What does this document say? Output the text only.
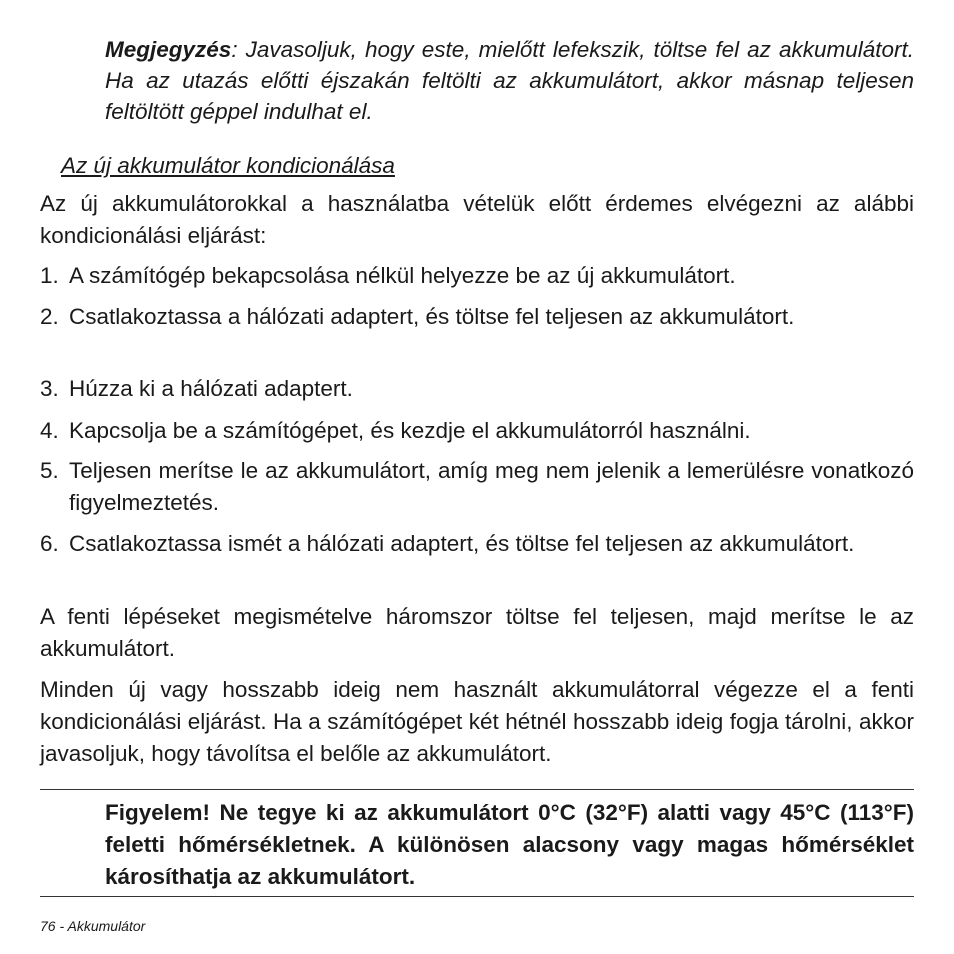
Megjegyzés: Javasoljuk, hogy este, mielőtt lefekszik, töltse fel az akkumulátort. Ha az utazás előtti éjszakán feltölti az akkumulátort, akkor másnap teljesen feltöltött géppel indulhat el.

Az új akkumulátor kondicionálása

Az új akkumulátorokkal a használatba vételük előtt érdemes elvégezni az alábbi kondicionálási eljárást:

1. A számítógép bekapcsolása nélkül helyezze be az új akkumulátort.
2. Csatlakoztassa a hálózati adaptert, és töltse fel teljesen az akkumulátort.
3. Húzza ki a hálózati adaptert.
4. Kapcsolja be a számítógépet, és kezdje el akkumulátorról használni.
5. Teljesen merítse le az akkumulátort, amíg meg nem jelenik a lemerülésre vonatkozó figyelmeztetés.
6. Csatlakoztassa ismét a hálózati adaptert, és töltse fel teljesen az akkumulátort.

A fenti lépéseket megismételve háromszor töltse fel teljesen, majd merítse le az akkumulátort.

Minden új vagy hosszabb ideig nem használt akkumulátorral végezze el a fenti kondicionálási eljárást. Ha a számítógépet két hétnél hosszabb ideig fogja tárolni, akkor javasoljuk, hogy távolítsa el belőle az akkumulátort.

Figyelem! Ne tegye ki az akkumulátort 0°C (32°F) alatti vagy 45°C (113°F) feletti hőmérsékletnek. A különösen alacsony vagy magas hőmérséklet károsíthatja az akkumulátort.

76 - Akkumulátor
